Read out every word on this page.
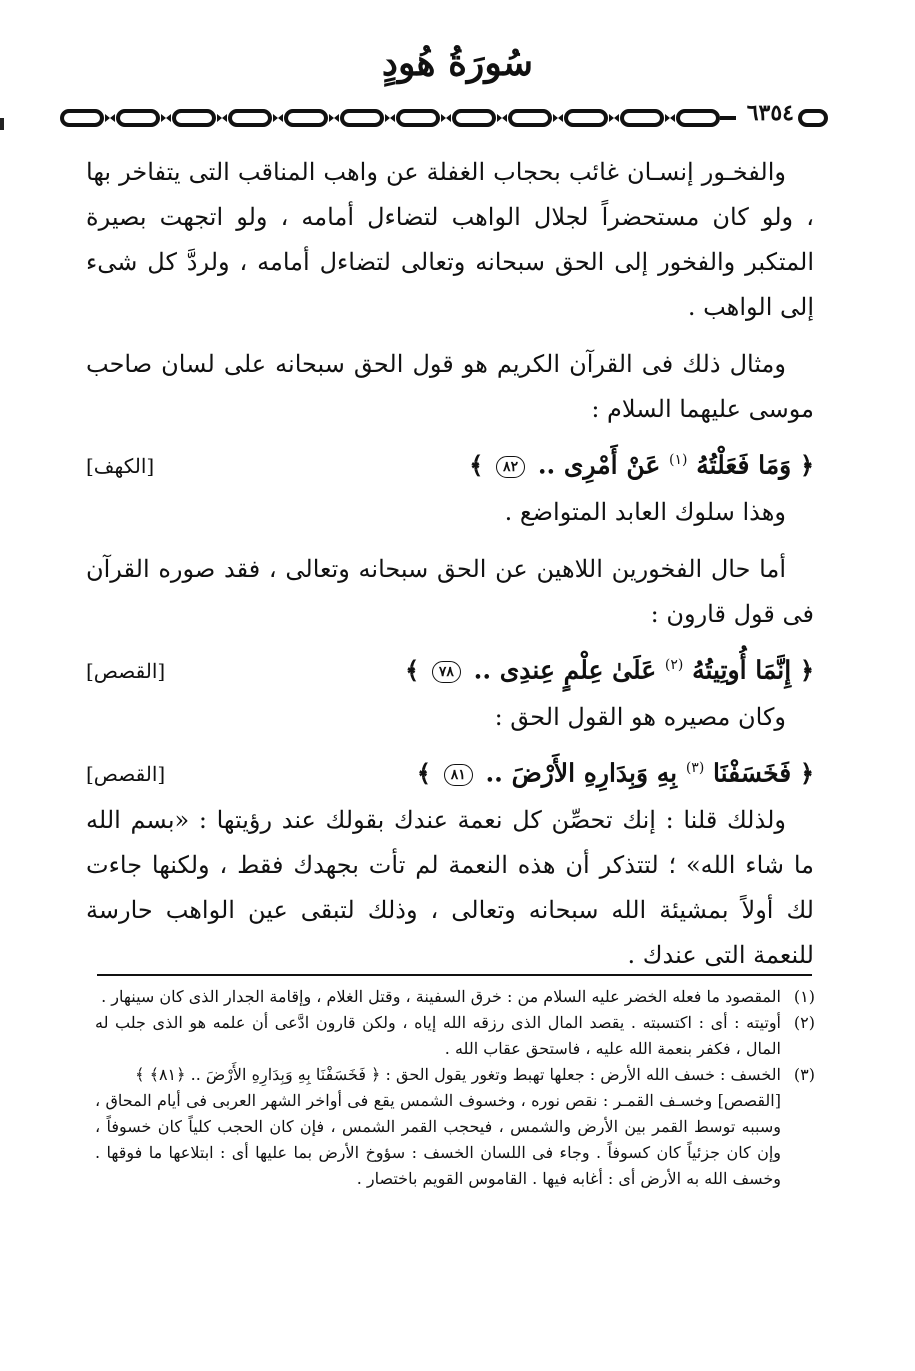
سُورَةُ هُودٍ
٦٣٥٤

والفخـور إنسـان غائب بحجاب الغفلة عن واهب المناقب التى يتفاخر بها ، ولو كان مستحضراً لجلال الواهب لتضاءل أمامه ، ولو اتجهت بصيرة المتكبر والفخور إلى الحق سبحانه وتعالى لتضاءل أمامه ، ولردَّ كل شىء إلى الواهب .

ومثال ذلك فى القرآن الكريم هو قول الحق سبحانه على لسان صاحب موسى عليهما السلام :

﴿ وَمَا فَعَلْتُهُ $^{(١)}$ عَنْ أَمْرِى .. ٨٢ ﴾
[الكهف]

وهذا سلوك العابد المتواضع .

أما حال الفخورين اللاهين عن الحق سبحانه وتعالى ، فقد صوره القرآن فى قول قارون :

﴿ إِنَّمَا أُوتِيتُهُ $^{(٢)}$ عَلَىٰ عِلْمٍ عِندِى .. ٧٨ ﴾
[القصص]

وكان مصيره هو القول الحق :

﴿ فَخَسَفْنَا $^{(٣)}$ بِهِ وَبِدَارِهِ الأَرْضَ .. ٨١ ﴾
[القصص]

ولذلك قلنا : إنك تحصِّن كل نعمة عندك بقولك عند رؤيتها : «بسم الله ما شاء الله» ؛ لتتذكر أن هذه النعمة لم تأت بجهدك فقط ، ولكنها جاءت لك أولاً بمشيئة الله سبحانه وتعالى ، وذلك لتبقى عين الواهب حارسة للنعمة التى عندك .

(١)
المقصود ما فعله الخضر عليه السلام من : خرق السفينة ، وقتل الغلام ، وإقامة الجدار الذى كان سينهار .

(٢)
أوتيته : أى : اكتسبته . يقصد المال الذى رزقه الله إياه ، ولكن قارون ادَّعى أن علمه هو الذى جلب له المال ، فكفر بنعمة الله عليه ، فاستحق عقاب الله .

(٣)
الخسف : خسف الله الأرض : جعلها تهبط وتغور يقول الحق : ﴿ فَخَسَفْنَا بِهِ وَبِدَارِهِ الأَرْضَ .. ﴿٨١﴾ ﴾

[القصص] وخسـف القمـر : نقص نوره ، وخسوف الشمس يقع فى أواخر الشهر العربى فى أيام المحاق ، وسببه توسط القمر بين الأرض والشمس ، فيحجب القمر الشمس ، فإن كان الحجب كلياً كان خسوفاً ، وإن كان جزئياً كان كسوفاً . وجاء فى اللسان الخسف : سؤوخ الأرض بما عليها أى : ابتلاعها ما فوقها . وخسف الله به الأرض أى : أغابه فيها . القاموس القويم باختصار .
